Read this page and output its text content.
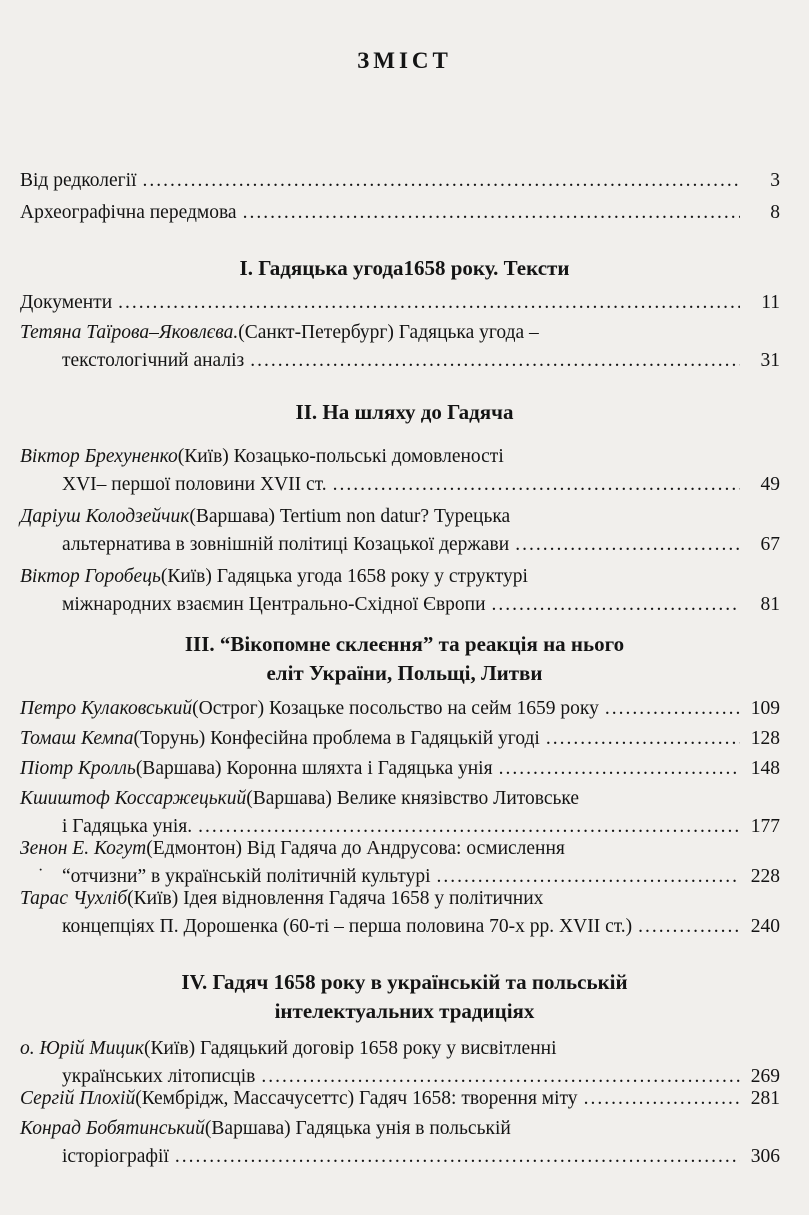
ЗМІСТ
Від редколегії .....	3
Археографічна передмова .....	8
I. Гадяцька угода1658 року. Тексти
Документи .....	11
Тетяна Таїрова–Яковлєва. (Санкт-Петербург) Гадяцька угода –
текстологічний аналіз .....	31
II. На шляху до Гадяча
III. “Вікопомне склеєння” та реакція на нього
еліт України, Польщі, Литви
IV. Гадяч 1658 року в українській та польській
інтелектуальних традиціях
·
Віктор Брехуненко (Київ) Козацько-польські домовленості
XVI– першої половини XVII ст. .....	49
Даріуш Колодзейчик (Варшава) Tertium non datur? Турецька
альтернатива в зовнішній політиці Козацької держави .....	67
Віктор Горобець (Київ) Гадяцька угода 1658 року у структурі
міжнародних взаємин Центрально-Східної Європи .....	81
Петро Кулаковський (Острог) Козацьке посольство на сейм 1659 року .....	109
Томаш Кемпа (Торунь) Конфесійна проблема в Гадяцькій угоді .....	128
Піотр Кролль (Варшава) Коронна шляхта і Гадяцька унія .....	148
Кшиштоф Коссаржецький (Варшава) Велике князівство Литовське
і Гадяцька унія. .....	177
Зенон Е. Когут (Едмонтон) Від Гадяча до Андрусова: осмислення
“отчизни” в українській політичній культурі .....	228
Тарас Чухліб (Київ) Ідея відновлення Гадяча 1658 у політичних
концепціях П. Дорошенка (60-ті – перша половина 70-х рр. XVII ст.) .....	240
о. Юрій Мицик (Київ) Гадяцький договір 1658 року у висвітленні
українських літописців .....	269
Сергій Плохій (Кембрідж, Массачусеттс) Гадяч 1658: творення міту .....	281
Конрад Бобятинський (Варшава) Гадяцька унія в польській
історіографії .....	306
